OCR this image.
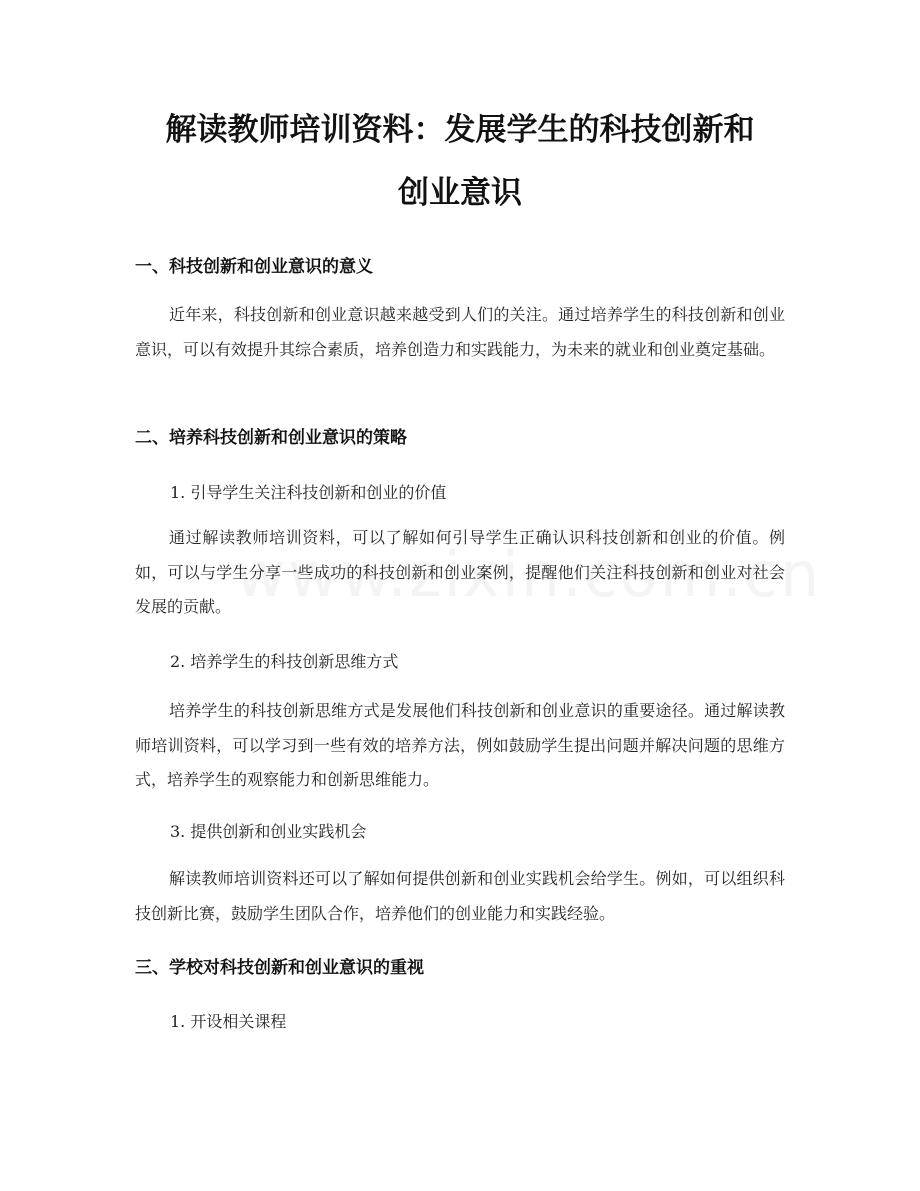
解读教师培训资料：发展学生的科技创新和
创业意识
一、科技创新和创业意识的意义
近年来，科技创新和创业意识越来越受到人们的关注。通过培养学生的科技创新和创业意识，可以有效提升其综合素质，培养创造力和实践能力，为未来的就业和创业奠定基础。
二、培养科技创新和创业意识的策略
1. 引导学生关注科技创新和创业的价值
通过解读教师培训资料，可以了解如何引导学生正确认识科技创新和创业的价值。例如，可以与学生分享一些成功的科技创新和创业案例，提醒他们关注科技创新和创业对社会发展的贡献。
2. 培养学生的科技创新思维方式
培养学生的科技创新思维方式是发展他们科技创新和创业意识的重要途径。通过解读教师培训资料，可以学习到一些有效的培养方法，例如鼓励学生提出问题并解决问题的思维方式，培养学生的观察能力和创新思维能力。
3. 提供创新和创业实践机会
解读教师培训资料还可以了解如何提供创新和创业实践机会给学生。例如，可以组织科技创新比赛，鼓励学生团队合作，培养他们的创业能力和实践经验。
三、学校对科技创新和创业意识的重视
1. 开设相关课程
